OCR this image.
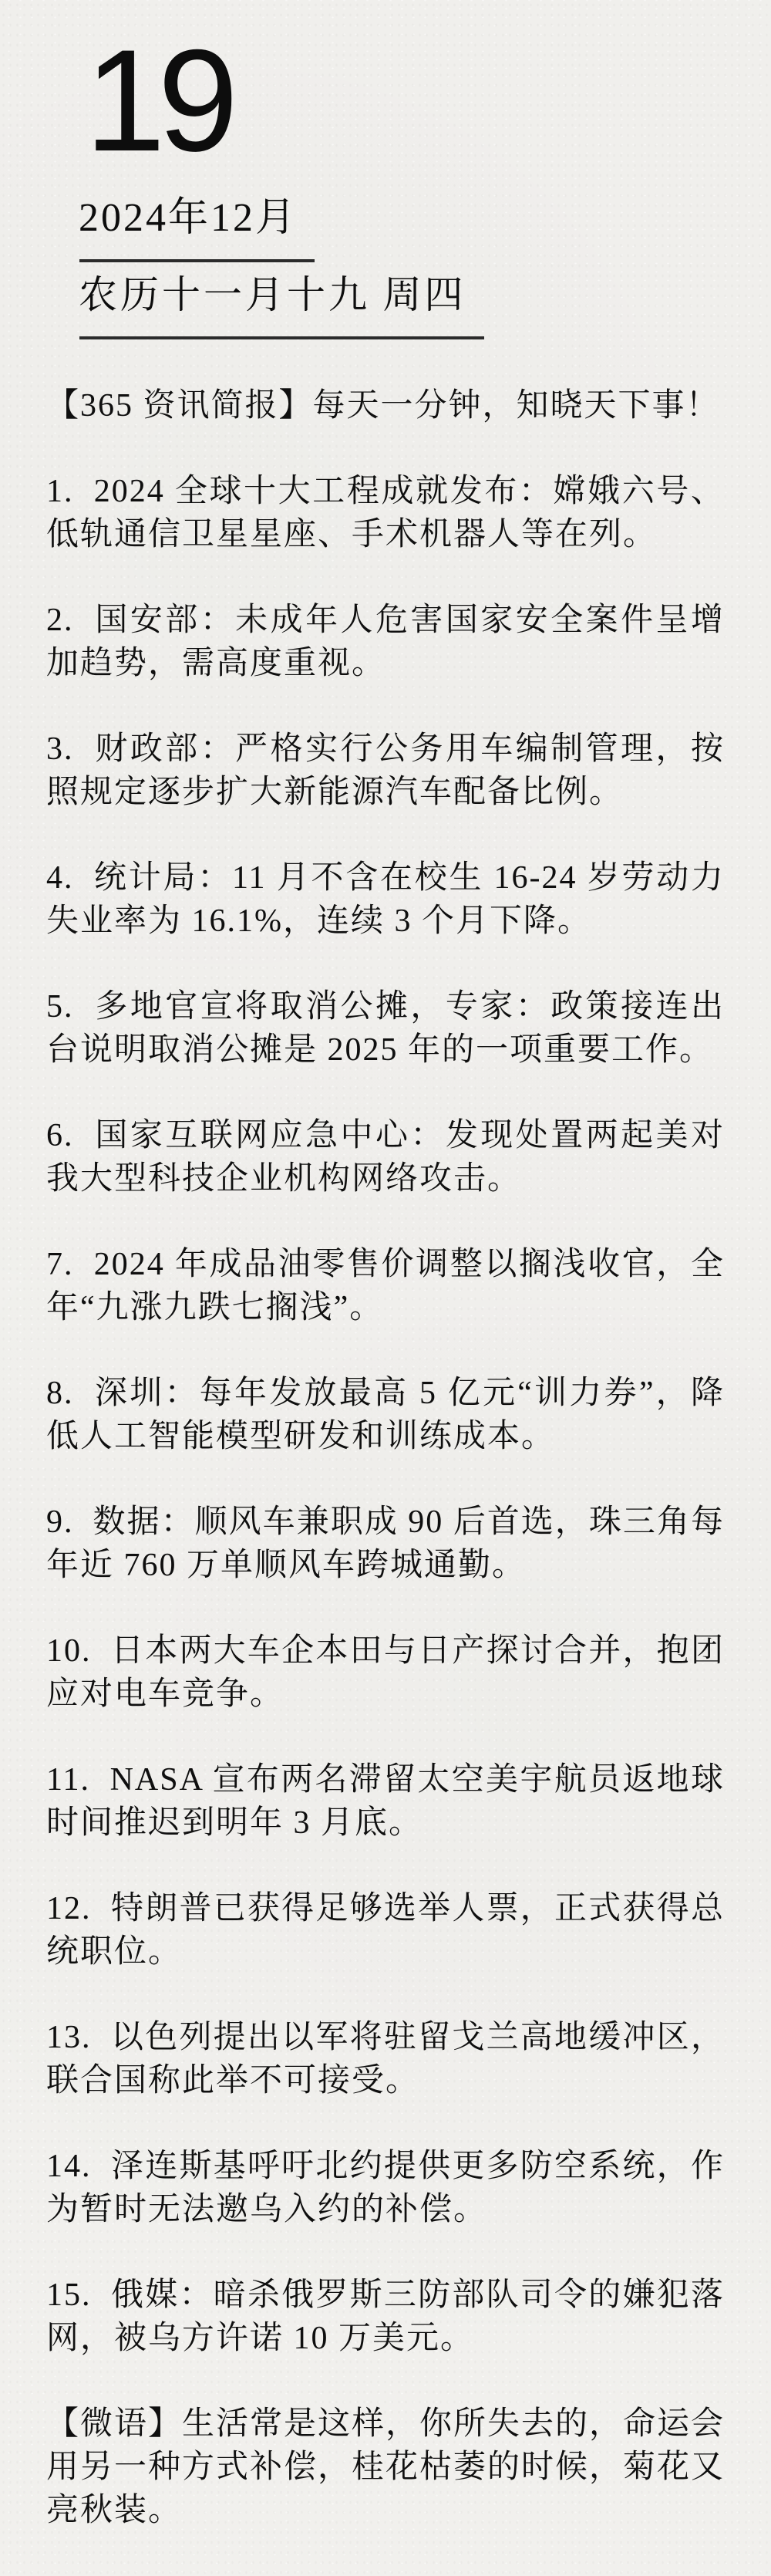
19
2024年12月
农历十一月十九 周四

【365 资讯简报】每天一分钟，知晓天下事！

1.  2024 全球十大工程成就发布：嫦娥六号、低轨通信卫星星座、手术机器人等在列。

2.  国安部：未成年人危害国家安全案件呈增加趋势，需高度重视。

3.  财政部：严格实行公务用车编制管理，按照规定逐步扩大新能源汽车配备比例。

4.  统计局：11 月不含在校生 16-24 岁劳动力失业率为 16.1%，连续 3 个月下降。

5.  多地官宣将取消公摊，专家：政策接连出台说明取消公摊是 2025 年的一项重要工作。

6.  国家互联网应急中心：发现处置两起美对我大型科技企业机构网络攻击。

7.  2024 年成品油零售价调整以搁浅收官，全年“九涨九跌七搁浅”。

8.  深圳：每年发放最高 5 亿元“训力券”，降低人工智能模型研发和训练成本。

9.  数据：顺风车兼职成 90 后首选，珠三角每年近 760 万单顺风车跨城通勤。

10.  日本两大车企本田与日产探讨合并，抱团应对电车竞争。

11.  NASA 宣布两名滞留太空美宇航员返地球时间推迟到明年 3 月底。

12.  特朗普已获得足够选举人票，正式获得总统职位。

13.  以色列提出以军将驻留戈兰高地缓冲区，联合国称此举不可接受。

14.  泽连斯基呼吁北约提供更多防空系统，作为暂时无法邀乌入约的补偿。

15.  俄媒：暗杀俄罗斯三防部队司令的嫌犯落网，被乌方许诺 10 万美元。

【微语】生活常是这样，你所失去的，命运会用另一种方式补偿，桂花枯萎的时候，菊花又亮秋装。
